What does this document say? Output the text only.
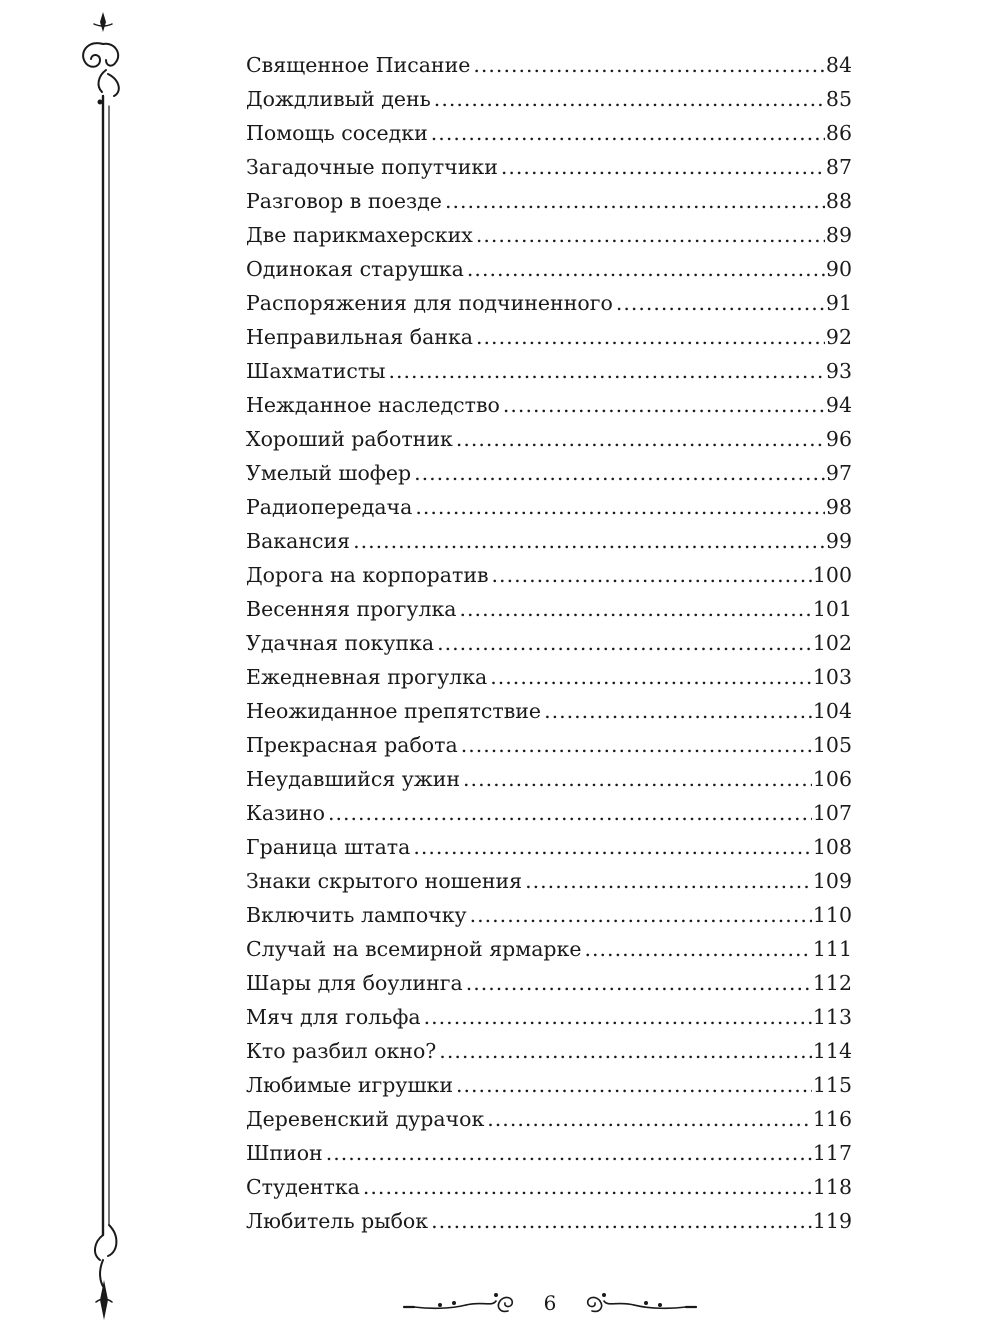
Священное Писание .....	84
Дождливый день .....	85
Помощь соседки .....	86
Загадочные попутчики .....	87
Разговор в поезде .....	88
Две парикмахерских .....	89
Одинокая старушка .....	90
Распоряжения для подчиненного .....	91
Неправильная банка .....	92
Шахматисты .....	93
Нежданное наследство .....	94
Хороший работник .....	96
Умелый шофер .....	97
Радиопередача .....	98
Вакансия .....	99
Дорога на корпоратив .....	100
Весенняя прогулка .....	101
Удачная покупка .....	102
Ежедневная прогулка .....	103
Неожиданное препятствие .....	104
Прекрасная работа .....	105
Неудавшийся ужин .....	106
Казино .....	107
Граница штата .....	108
Знаки скрытого ношения .....	109
Включить лампочку .....	110
Случай на всемирной ярмарке .....	111
Шары для боулинга .....	112
Мяч для гольфа .....	113
Кто разбил окно? .....	114
Любимые игрушки .....	115
Деревенский дурачок .....	116
Шпион .....	117
Студентка .....	118
Любитель рыбок .....	119
6
